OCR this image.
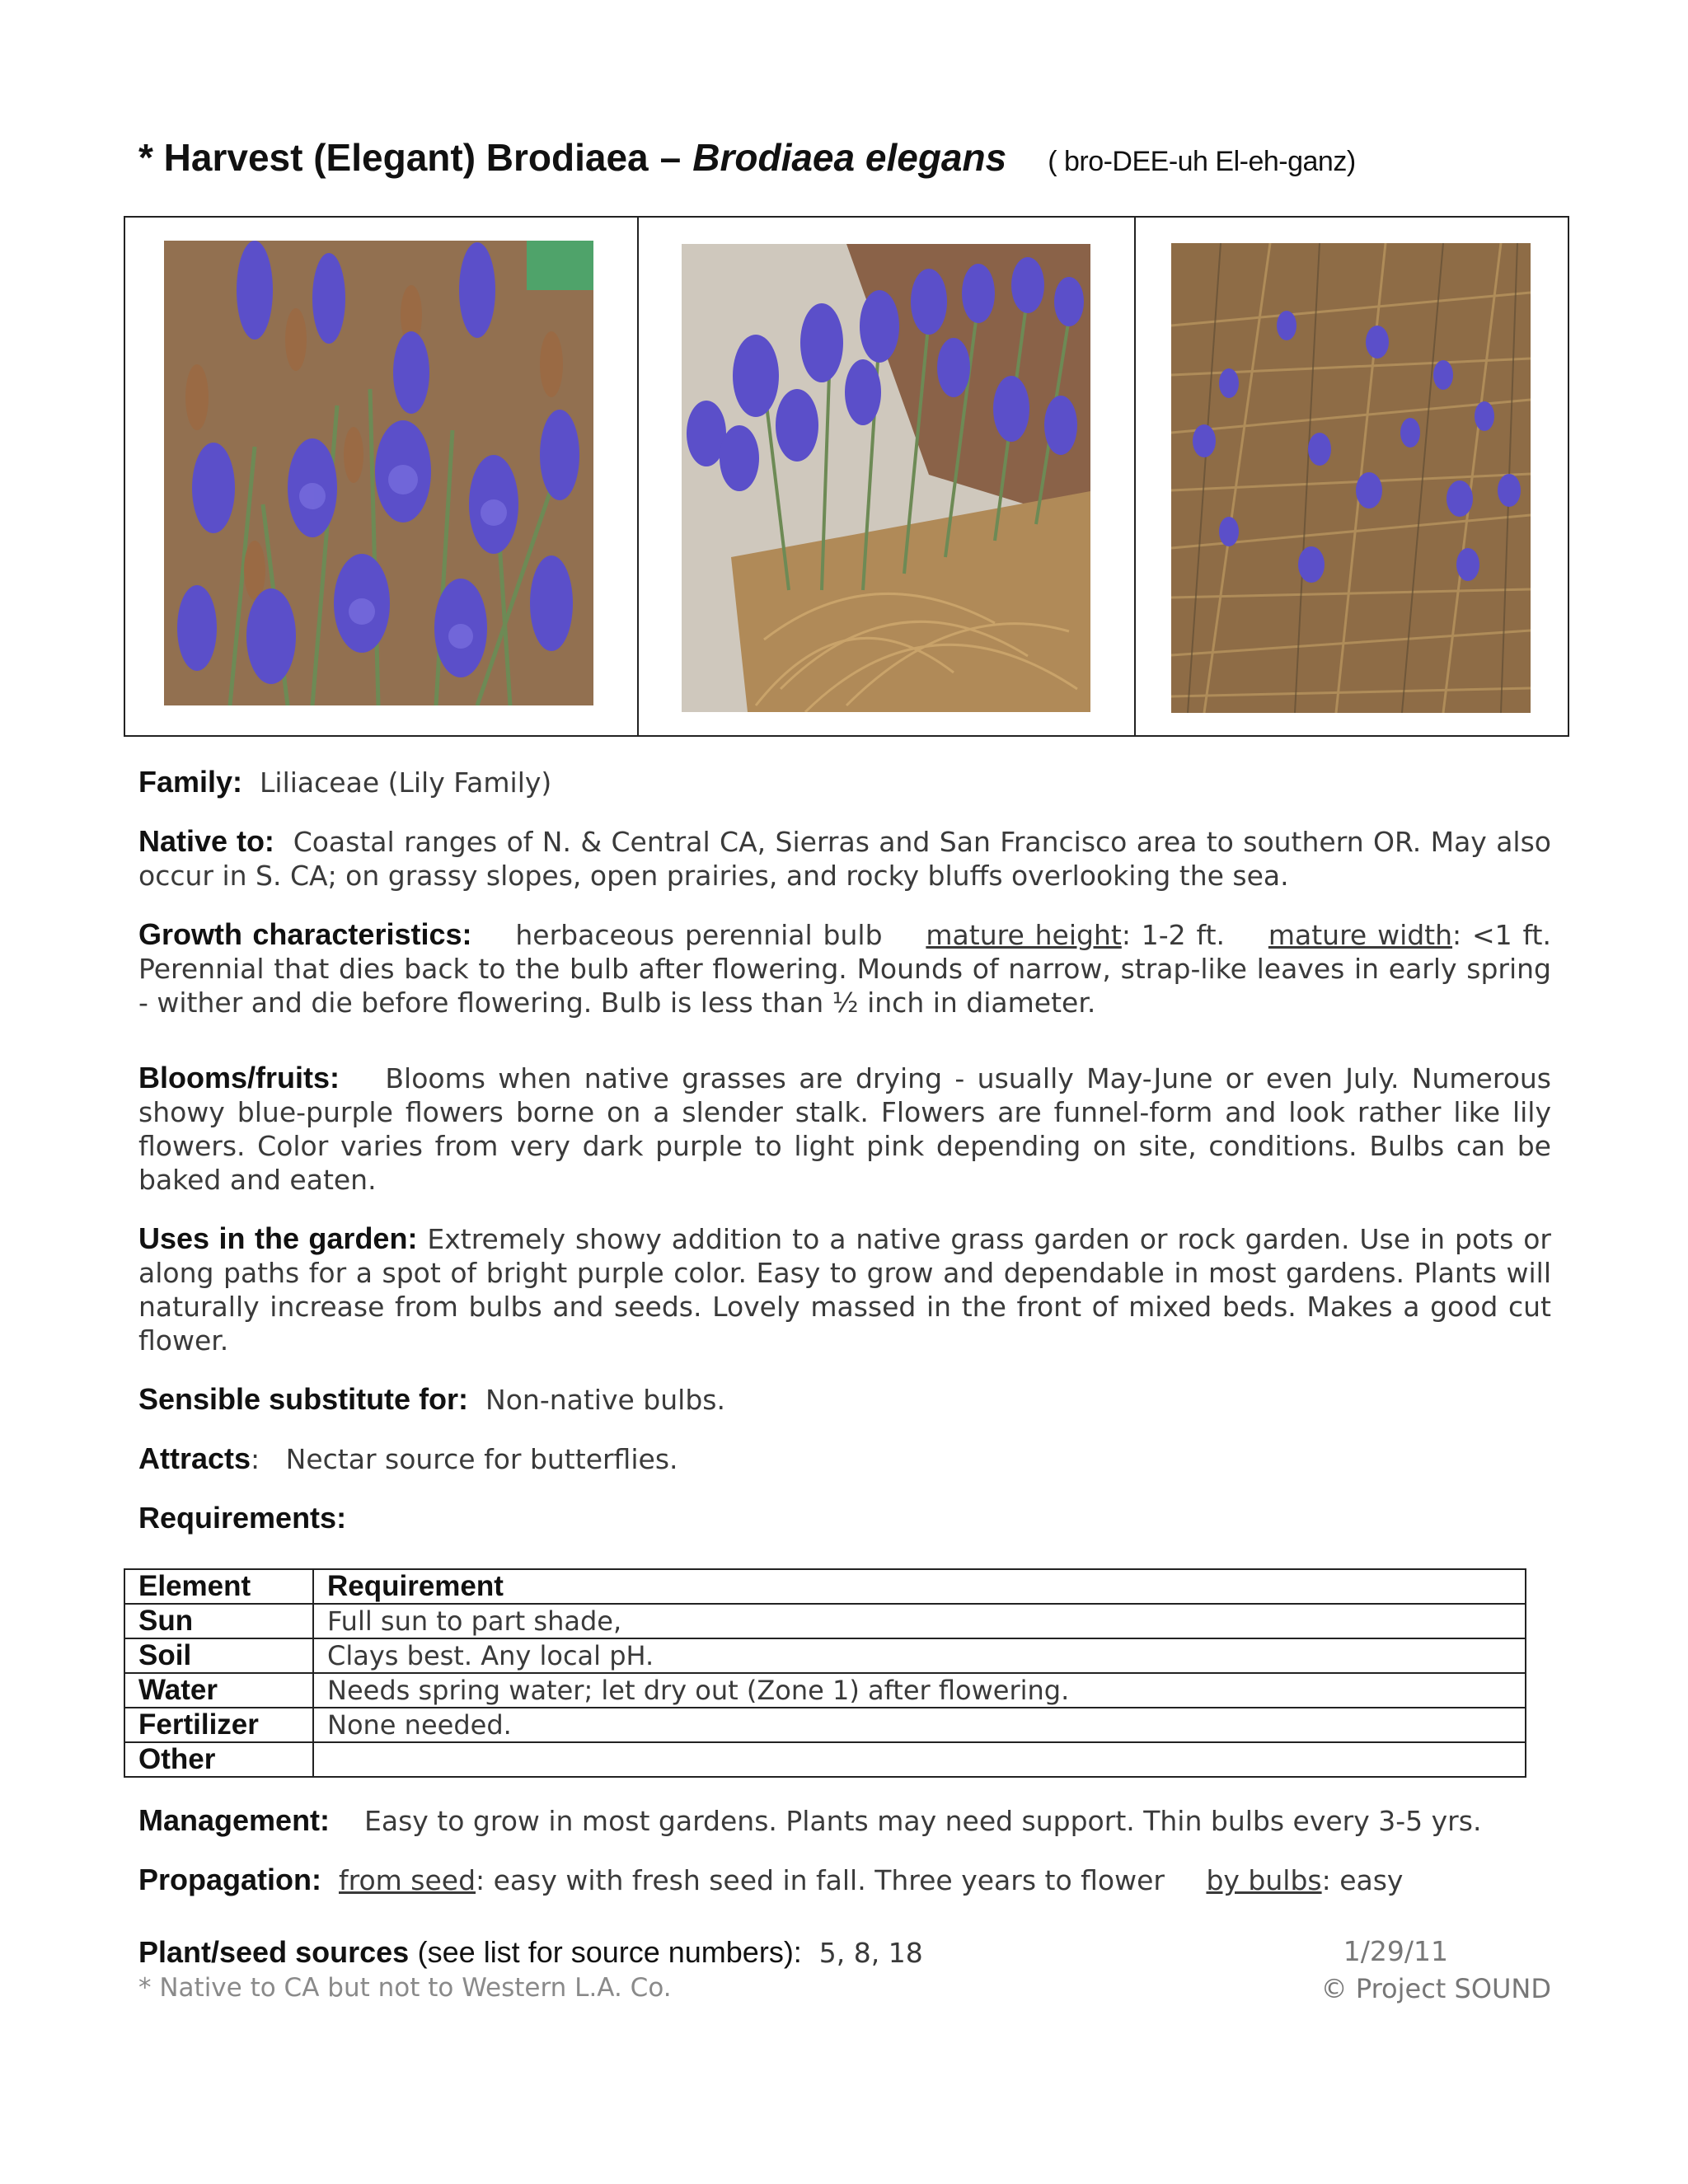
* Harvest (Elegant) Brodiaea – Brodiaea elegans ( bro-DEE-uh El-eh-ganz)

Family: Liliaceae (Lily Family)

Native to: Coastal ranges of N. & Central CA, Sierras and San Francisco area to southern OR. May also occur in S. CA; on grassy slopes, open prairies, and rocky bluffs overlooking the sea.

Growth characteristics: herbaceous perennial bulb mature height: 1-2 ft. mature width: <1 ft. Perennial that dies back to the bulb after flowering. Mounds of narrow, strap-like leaves in early spring - wither and die before flowering. Bulb is less than ½ inch in diameter.

Blooms/fruits: Blooms when native grasses are drying - usually May-June or even July. Numerous showy blue-purple flowers borne on a slender stalk. Flowers are funnel-form and look rather like lily flowers. Color varies from very dark purple to light pink depending on site, conditions. Bulbs can be baked and eaten.

Uses in the garden: Extremely showy addition to a native grass garden or rock garden. Use in pots or along paths for a spot of bright purple color. Easy to grow and dependable in most gardens. Plants will naturally increase from bulbs and seeds. Lovely massed in the front of mixed beds. Makes a good cut flower.

Sensible substitute for: Non-native bulbs.

Attracts: Nectar source for butterflies.

Requirements:

Element	Requirement
Sun	Full sun to part shade,
Soil	Clays best. Any local pH.
Water	Needs spring water; let dry out (Zone 1) after flowering.
Fertilizer	None needed.
Other	

Management: Easy to grow in most gardens. Plants may need support. Thin bulbs every 3-5 yrs.

Propagation: from seed: easy with fresh seed in fall. Three years to flower by bulbs: easy

Plant/seed sources (see list for source numbers): 5, 8, 18	1/29/11
* Native to CA but not to Western L.A. Co.	© Project SOUND
